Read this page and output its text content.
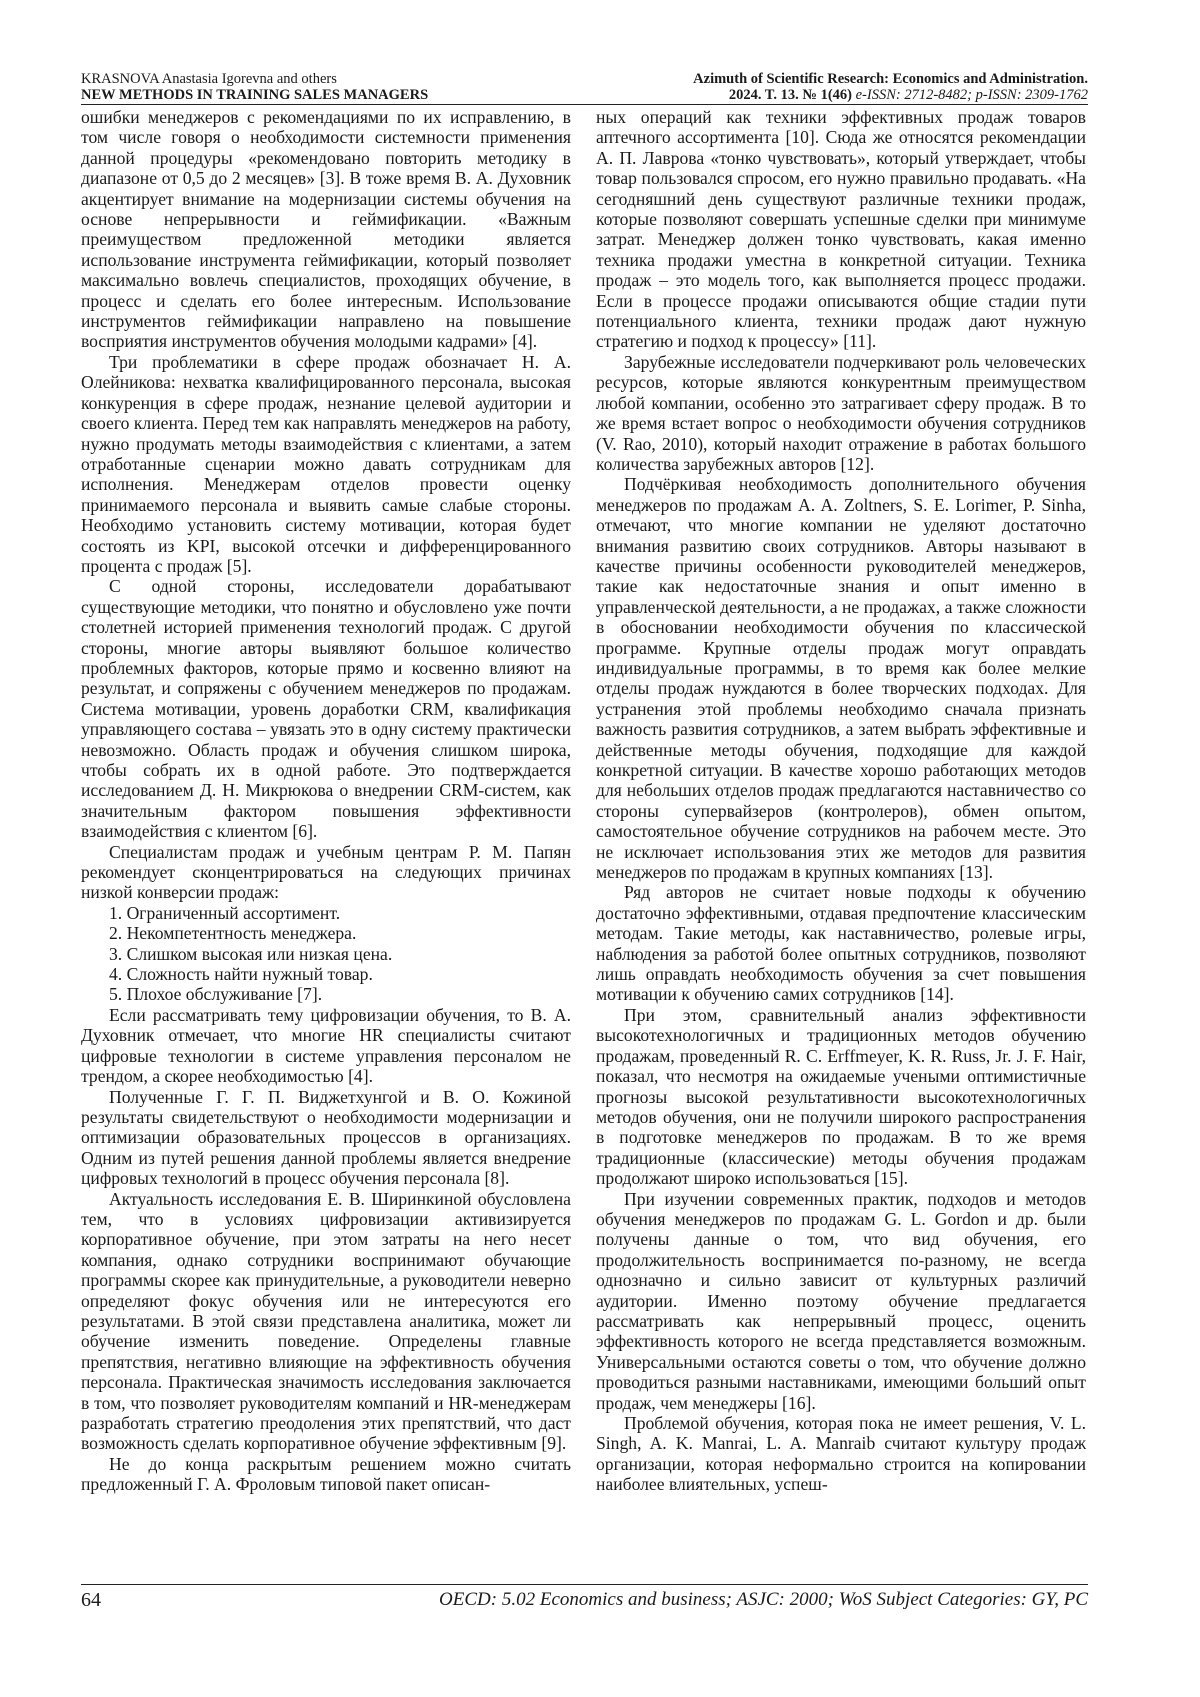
KRASNOVA Anastasia Igorevna and others
NEW METHODS IN TRAINING SALES MANAGERS
Azimuth of Scientific Research: Economics and Administration.
2024. T. 13. № 1(46) e-ISSN: 2712-8482; p-ISSN: 2309-1762

ошибки менеджеров с рекомендациями по их исправлению, в том числе говоря о необходимости системности применения данной процедуры «рекомендовано повторить методику в диапазоне от 0,5 до 2 месяцев» [3]. В тоже время В. А. Духовник акцентирует внимание на модернизации системы обучения на основе непрерывности и геймификации. «Важным преимуществом предложенной методики является использование инструмента геймификации, который позволяет максимально вовлечь специалистов, проходящих обучение, в процесс и сделать его более интересным. Использование инструментов геймификации направлено на повышение восприятия инструментов обучения молодыми кадрами» [4].

Три проблематики в сфере продаж обозначает Н. А. Олейникова: нехватка квалифицированного персонала, высокая конкуренция в сфере продаж, незнание целевой аудитории и своего клиента. Перед тем как направлять менеджеров на работу, нужно продумать методы взаимодействия с клиентами, а затем отработанные сценарии можно давать сотрудникам для исполнения. Менеджерам отделов провести оценку принимаемого персонала и выявить самые слабые стороны. Необходимо установить систему мотивации, которая будет состоять из KPI, высокой отсечки и дифференцированного процента с продаж [5].

С одной стороны, исследователи дорабатывают существующие методики, что понятно и обусловлено уже почти столетней историей применения технологий продаж. С другой стороны, многие авторы выявляют большое количество проблемных факторов, которые прямо и косвенно влияют на результат, и сопряжены с обучением менеджеров по продажам. Система мотивации, уровень доработки CRM, квалификация управляющего состава – увязать это в одну систему практически невозможно. Область продаж и обучения слишком широка, чтобы собрать их в одной работе. Это подтверждается исследованием Д. Н. Микрюкова о внедрении CRM-систем, как значительным фактором повышения эффективности взаимодействия с клиентом [6].

Специалистам продаж и учебным центрам Р. М. Папян рекомендует сконцентрироваться на следующих причинах низкой конверсии продаж:

1. Ограниченный ассортимент.
2. Некомпетентность менеджера.
3. Слишком высокая или низкая цена.
4. Сложность найти нужный товар.
5. Плохое обслуживание [7].

Если рассматривать тему цифровизации обучения, то В. А. Духовник отмечает, что многие HR специалисты считают цифровые технологии в системе управления персоналом не трендом, а скорее необходимостью [4].

Полученные Г. Г. П. Виджетхунгой и В. О. Кожиной результаты свидетельствуют о необходимости модернизации и оптимизации образовательных процессов в организациях. Одним из путей решения данной проблемы является внедрение цифровых технологий в процесс обучения персонала [8].

Актуальность исследования Е. В. Ширинкиной обусловлена тем, что в условиях цифровизации активизируется корпоративное обучение, при этом затраты на него несет компания, однако сотрудники воспринимают обучающие программы скорее как принудительные, а руководители неверно определяют фокус обучения или не интересуются его результатами. В этой связи представлена аналитика, может ли обучение изменить поведение. Определены главные препятствия, негативно влияющие на эффективность обучения персонала. Практическая значимость исследования заключается в том, что позволяет руководителям компаний и HR-менеджерам разработать стратегию преодоления этих препятствий, что даст возможность сделать корпоративное обучение эффективным [9].

Не до конца раскрытым решением можно считать предложенный Г. А. Фроловым типовой пакет описан-

ных операций как техники эффективных продаж товаров аптечного ассортимента [10]. Сюда же относятся рекомендации А. П. Лаврова «тонко чувствовать», который утверждает, чтобы товар пользовался спросом, его нужно правильно продавать. «На сегодняшний день существуют различные техники продаж, которые позволяют совершать успешные сделки при минимуме затрат. Менеджер должен тонко чувствовать, какая именно техника продажи уместна в конкретной ситуации. Техника продаж – это модель того, как выполняется процесс продажи. Если в процессе продажи описываются общие стадии пути потенциального клиента, техники продаж дают нужную стратегию и подход к процессу» [11].

Зарубежные исследователи подчеркивают роль человеческих ресурсов, которые являются конкурентным преимуществом любой компании, особенно это затрагивает сферу продаж. В то же время встает вопрос о необходимости обучения сотрудников (V. Rao, 2010), который находит отражение в работах большого количества зарубежных авторов [12].

Подчёркивая необходимость дополнительного обучения менеджеров по продажам A. A. Zoltners, S. E. Lorimer, P. Sinha, отмечают, что многие компании не уделяют достаточно внимания развитию своих сотрудников. Авторы называют в качестве причины особенности руководителей менеджеров, такие как недостаточные знания и опыт именно в управленческой деятельности, а не продажах, а также сложности в обосновании необходимости обучения по классической программе. Крупные отделы продаж могут оправдать индивидуальные программы, в то время как более мелкие отделы продаж нуждаются в более творческих подходах. Для устранения этой проблемы необходимо сначала признать важность развития сотрудников, а затем выбрать эффективные и действенные методы обучения, подходящие для каждой конкретной ситуации. В качестве хорошо работающих методов для небольших отделов продаж предлагаются наставничество со стороны супервайзеров (контролеров), обмен опытом, самостоятельное обучение сотрудников на рабочем месте. Это не исключает использования этих же методов для развития менеджеров по продажам в крупных компаниях [13].

Ряд авторов не считает новые подходы к обучению достаточно эффективными, отдавая предпочтение классическим методам. Такие методы, как наставничество, ролевые игры, наблюдения за работой более опытных сотрудников, позволяют лишь оправдать необходимость обучения за счет повышения мотивации к обучению самих сотрудников [14].

При этом, сравнительный анализ эффективности высокотехнологичных и традиционных методов обучению продажам, проведенный R. C. Erffmeyer, K. R. Russ, Jr. J. F. Hair, показал, что несмотря на ожидаемые учеными оптимистичные прогнозы высокой результативности высокотехнологичных методов обучения, они не получили широкого распространения в подготовке менеджеров по продажам. В то же время традиционные (классические) методы обучения продажам продолжают широко использоваться [15].

При изучении современных практик, подходов и методов обучения менеджеров по продажам G. L. Gordon и др. были получены данные о том, что вид обучения, его продолжительность воспринимается по-разному, не всегда однозначно и сильно зависит от культурных различий аудитории. Именно поэтому обучение предлагается рассматривать как непрерывный процесс, оценить эффективность которого не всегда представляется возможным. Универсальными остаются советы о том, что обучение должно проводиться разными наставниками, имеющими больший опыт продаж, чем менеджеры [16].

Проблемой обучения, которая пока не имеет решения, V. L. Singh, A. K. Manrai, L. A. Manraib считают культуру продаж организации, которая неформально строится на копировании наиболее влиятельных, успеш-

64	OECD: 5.02 Economics and business; ASJC: 2000; WoS Subject Categories: GY, PC
